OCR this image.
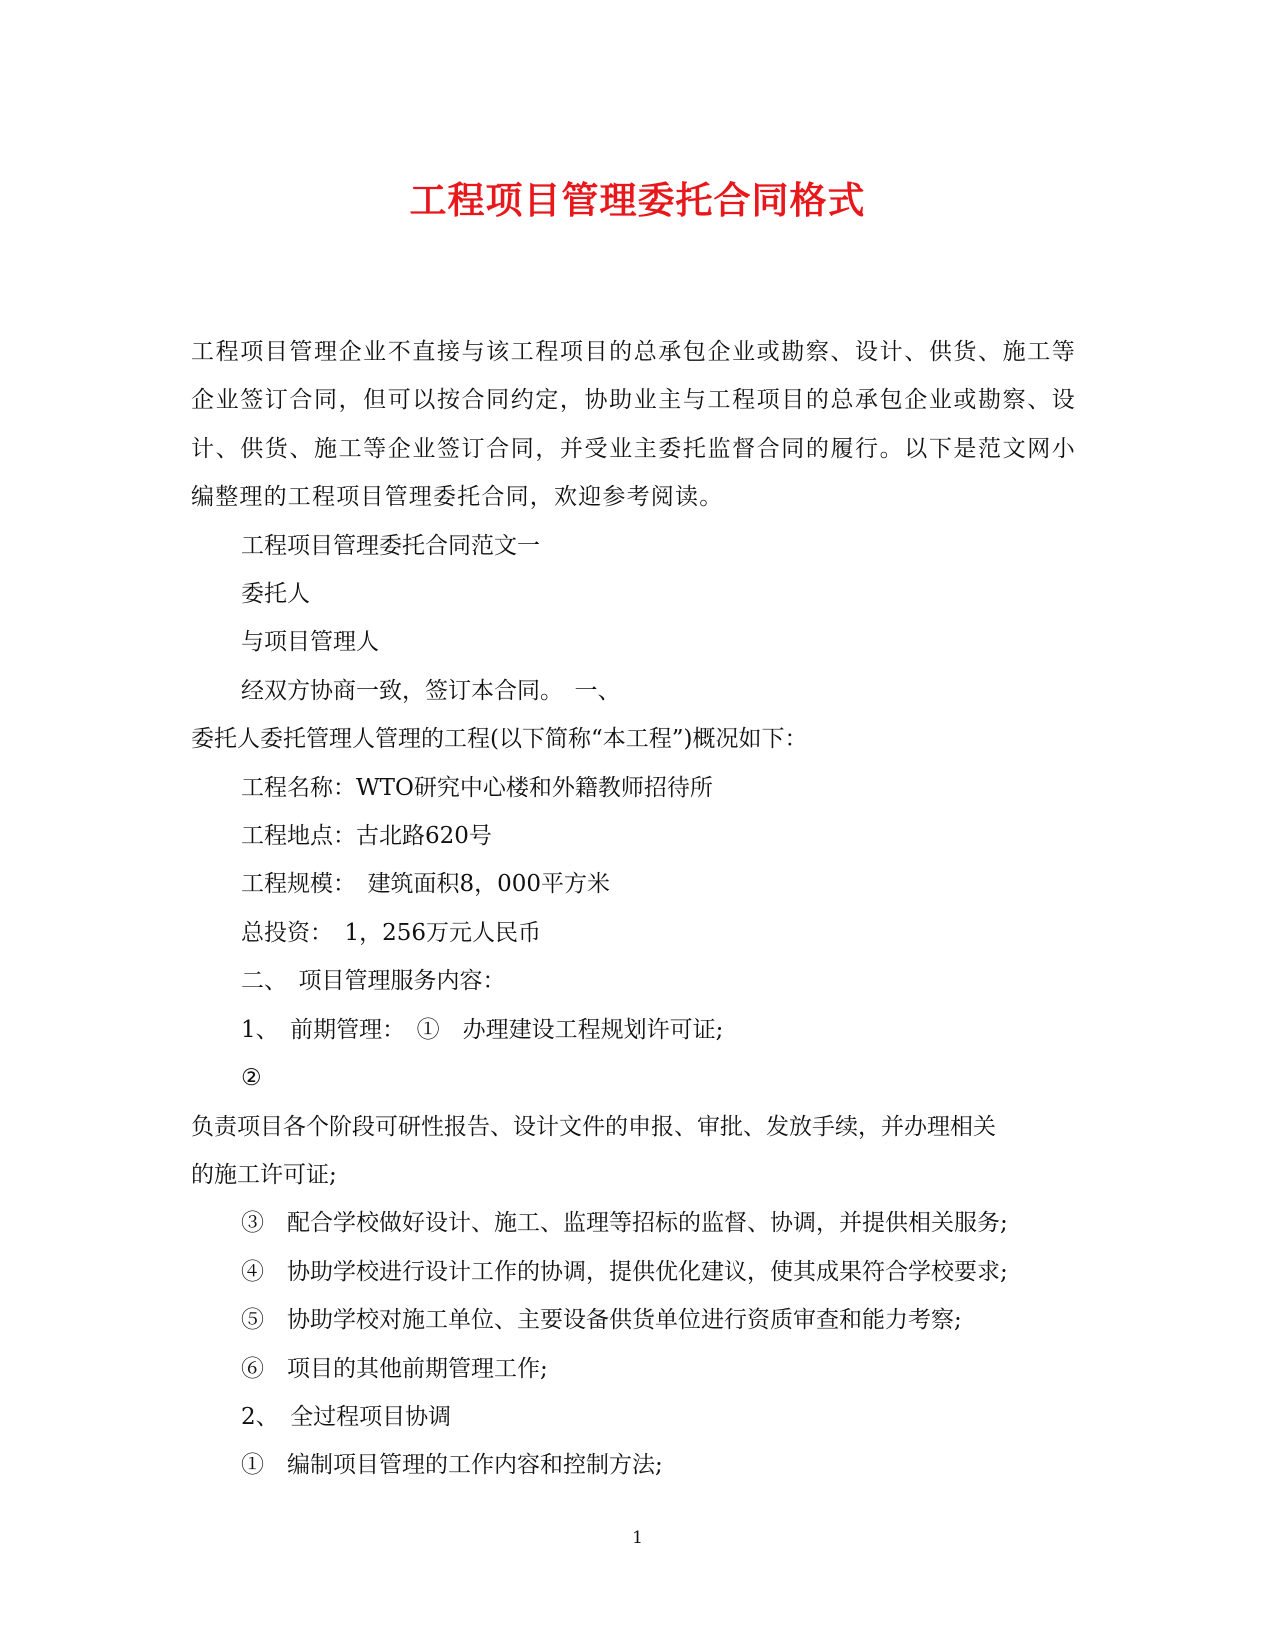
工程项目管理委托合同格式

工程项目管理企业不直接与该工程项目的总承包企业或勘察、设计、供货、施工等企业签订合同，但可以按合同约定，协助业主与工程项目的总承包企业或勘察、设计、供货、施工等企业签订合同，并受业主委托监督合同的履行。以下是范文网小编整理的工程项目管理委托合同，欢迎参考阅读。

工程项目管理委托合同范文一

委托人

与项目管理人

经双方协商一致，签订本合同。　一、

委托人委托管理人管理的工程(以下简称“本工程”)概况如下：

工程名称：WTO研究中心楼和外籍教师招待所

工程地点：古北路620号

工程规模：　建筑面积8，000平方米

总投资：　1，256万元人民币

二、　项目管理服务内容：

1、　前期管理：　①　办理建设工程规划许可证;

②

负责项目各个阶段可研性报告、设计文件的申报、审批、发放手续，并办理相关

的施工许可证;

③　配合学校做好设计、施工、监理等招标的监督、协调，并提供相关服务;

④　协助学校进行设计工作的协调，提供优化建议，使其成果符合学校要求;

⑤　协助学校对施工单位、主要设备供货单位进行资质审查和能力考察;

⑥　项目的其他前期管理工作;

2、　全过程项目协调

①　编制项目管理的工作内容和控制方法;

1
